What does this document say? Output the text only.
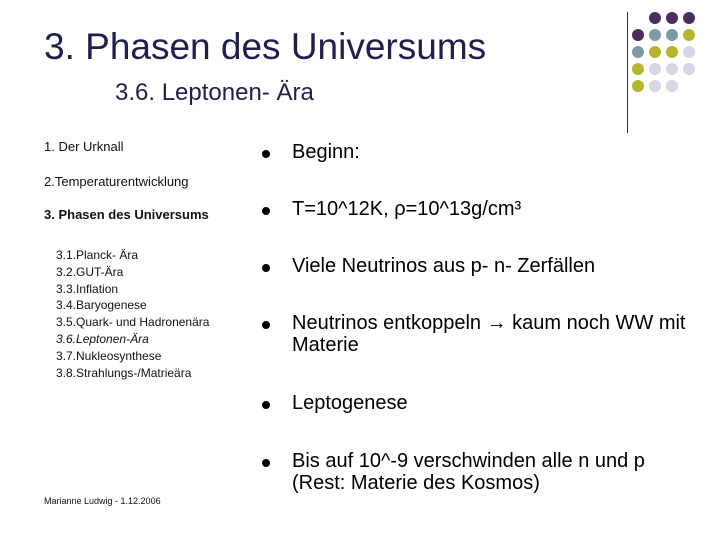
3. Phasen des Universums
3.6. Leptonen- Ära
1. Der Urknall
2.Temperaturentwicklung
3. Phasen des Universums
3.1.Planck- Ära
3.2.GUT-Ära
3.3.Inflation
3.4.Baryogenese
3.5.Quark- und Hadronenära
3.6.Leptonen-Ära
3.7.Nukleosynthese
3.8.Strahlungs-/Matrieära
Marianne Ludwig - 1.12.2006
Beginn:
T=10^12K, ρ=10^13g/cm³
Viele Neutrinos aus p- n- Zerfällen
Neutrinos entkoppeln → kaum noch WW mit Materie
Leptogenese
Bis auf 10^-9 verschwinden alle n und p (Rest: Materie des Kosmos)
